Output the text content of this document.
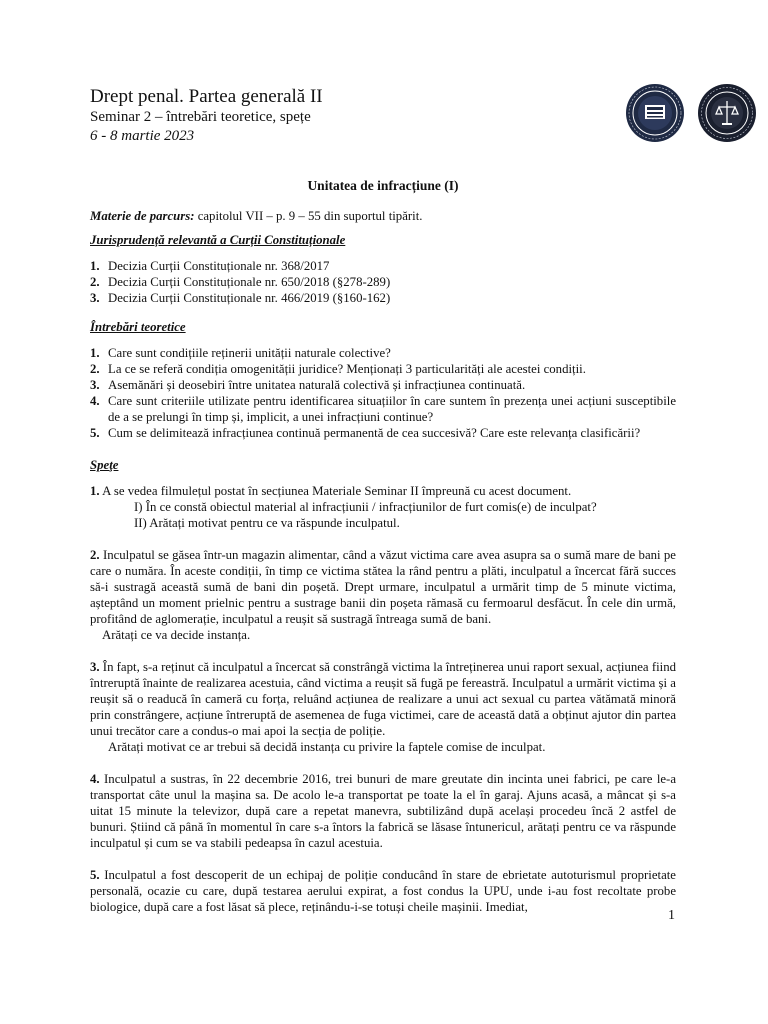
Drept penal. Partea generală II
Seminar 2 – întrebări teoretice, spețe
6 - 8 martie 2023
Unitatea de infracțiune (I)

Materie de parcurs: capitolul VII – p. 9 – 55 din suportul tipărit.

Jurisprudență relevantă a Curții Constituționale
1. Decizia Curții Constituționale nr. 368/2017
2. Decizia Curții Constituționale nr. 650/2018 (§278-289)
3. Decizia Curții Constituționale nr. 466/2019 (§160-162)
Întrebări teoretice
1. Care sunt condițiile reținerii unității naturale colective?
2. La ce se referă condiția omogenității juridice? Menționați 3 particularități ale acestei condiții.
3. Asemănări și deosebiri între unitatea naturală colectivă și infracțiunea continuată.
4. Care sunt criteriile utilizate pentru identificarea situațiilor în care suntem în prezența unei acțiuni susceptibile de a se prelungi în timp și, implicit, a unei infracțiuni continue?
5. Cum se delimitează infracțiunea continuă permanentă de cea succesivă? Care este relevanța clasificării?
Speţe

1. A se vedea filmulețul postat în secțiunea Materiale Seminar II împreună cu acest document.

I) În ce constă obiectul material al infracțiunii / infracțiunilor de furt comis(e) de inculpat?

II) Arătați motivat pentru ce va răspunde inculpatul.

2. Inculpatul se găsea într-un magazin alimentar, când a văzut victima care avea asupra sa o sumă mare de bani pe care o număra. În aceste condiții, în timp ce victima stătea la rând pentru a plăti, inculpatul a încercat fără succes să-i sustragă această sumă de bani din poșetă. Drept urmare, inculpatul a urmărit timp de 5 minute victima, așteptând un moment prielnic pentru a sustrage banii din poșeta rămasă cu fermoarul desfăcut. În cele din urmă, profitând de aglomerație, inculpatul a reușit să sustragă întreaga sumă de bani.

Arătați ce va decide instanța.

3. În fapt, s-a reținut că inculpatul a încercat să constrângă victima la întreținerea unui raport sexual, acțiunea fiind întreruptă înainte de realizarea acestuia, când victima a reușit să fugă pe fereastră. Inculpatul a urmărit victima și a reușit să o readucă în cameră cu forța, reluând acțiunea de realizare a unui act sexual cu partea vătămată minoră prin constrângere, acțiune întreruptă de asemenea de fuga victimei, care de această dată a obținut ajutor din partea unui trecător care a condus-o mai apoi la secția de poliție.

Arătați motivat ce ar trebui să decidă instanța cu privire la faptele comise de inculpat.

4. Inculpatul a sustras, în 22 decembrie 2016, trei bunuri de mare greutate din incinta unei fabrici, pe care le-a transportat câte unul la mașina sa. De acolo le-a transportat pe toate la el în garaj. Ajuns acasă, a mâncat și s-a uitat 15 minute la televizor, după care a repetat manevra, subtilizând după același procedeu încă 2 astfel de bunuri. Știind că până în momentul în care s-a întors la fabrică se lăsase întunericul, arătați pentru ce va răspunde inculpatul și cum se va stabili pedeapsa în cazul acestuia.

5. Inculpatul a fost descoperit de un echipaj de poliție conducând în stare de ebrietate autoturismul proprietate personală, ocazie cu care, după testarea aerului expirat, a fost condus la UPU, unde i-au fost recoltate probe biologice, după care a fost lăsat să plece, reținându-i-se totuși cheile mașinii. Imediat,

1
